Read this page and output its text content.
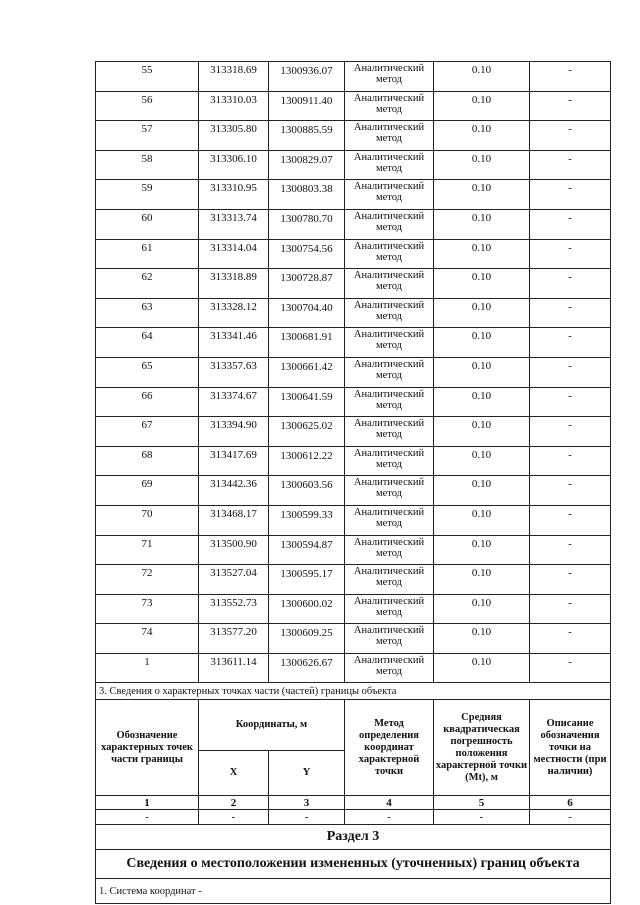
55	313318.69	1300936.07	Аналитический метод	0.10	-
56	313310.03	1300911.40	Аналитический метод	0.10	-
57	313305.80	1300885.59	Аналитический метод	0.10	-
58	313306.10	1300829.07	Аналитический метод	0.10	-
59	313310.95	1300803.38	Аналитический метод	0.10	-
60	313313.74	1300780.70	Аналитический метод	0.10	-
61	313314.04	1300754.56	Аналитический метод	0.10	-
62	313318.89	1300728.87	Аналитический метод	0.10	-
63	313328.12	1300704.40	Аналитический метод	0.10	-
64	313341.46	1300681.91	Аналитический метод	0.10	-
65	313357.63	1300661.42	Аналитический метод	0.10	-
66	313374.67	1300641.59	Аналитический метод	0.10	-
67	313394.90	1300625.02	Аналитический метод	0.10	-
68	313417.69	1300612.22	Аналитический метод	0.10	-
69	313442.36	1300603.56	Аналитический метод	0.10	-
70	313468.17	1300599.33	Аналитический метод	0.10	-
71	313500.90	1300594.87	Аналитический метод	0.10	-
72	313527.04	1300595.17	Аналитический метод	0.10	-
73	313552.73	1300600.02	Аналитический метод	0.10	-
74	313577.20	1300609.25	Аналитический метод	0.10	-
1	313611.14	1300626.67	Аналитический метод	0.10	-
3. Сведения о характерных точках части (частей) границы объекта					
Обозначение характерных точек части границы	Координаты, м		Метод определения координат характерной точки	Средняя квадратическая погрешность положения характерной точки (Mt), м	Описание обозначения точки на местности (при наличии)
	X	Y			
1	2	3	4	5	6
-	-	-	-	-	-
Раздел 3					
Сведения о местоположении измененных (уточненных) границ объекта					
1. Система координат -					
